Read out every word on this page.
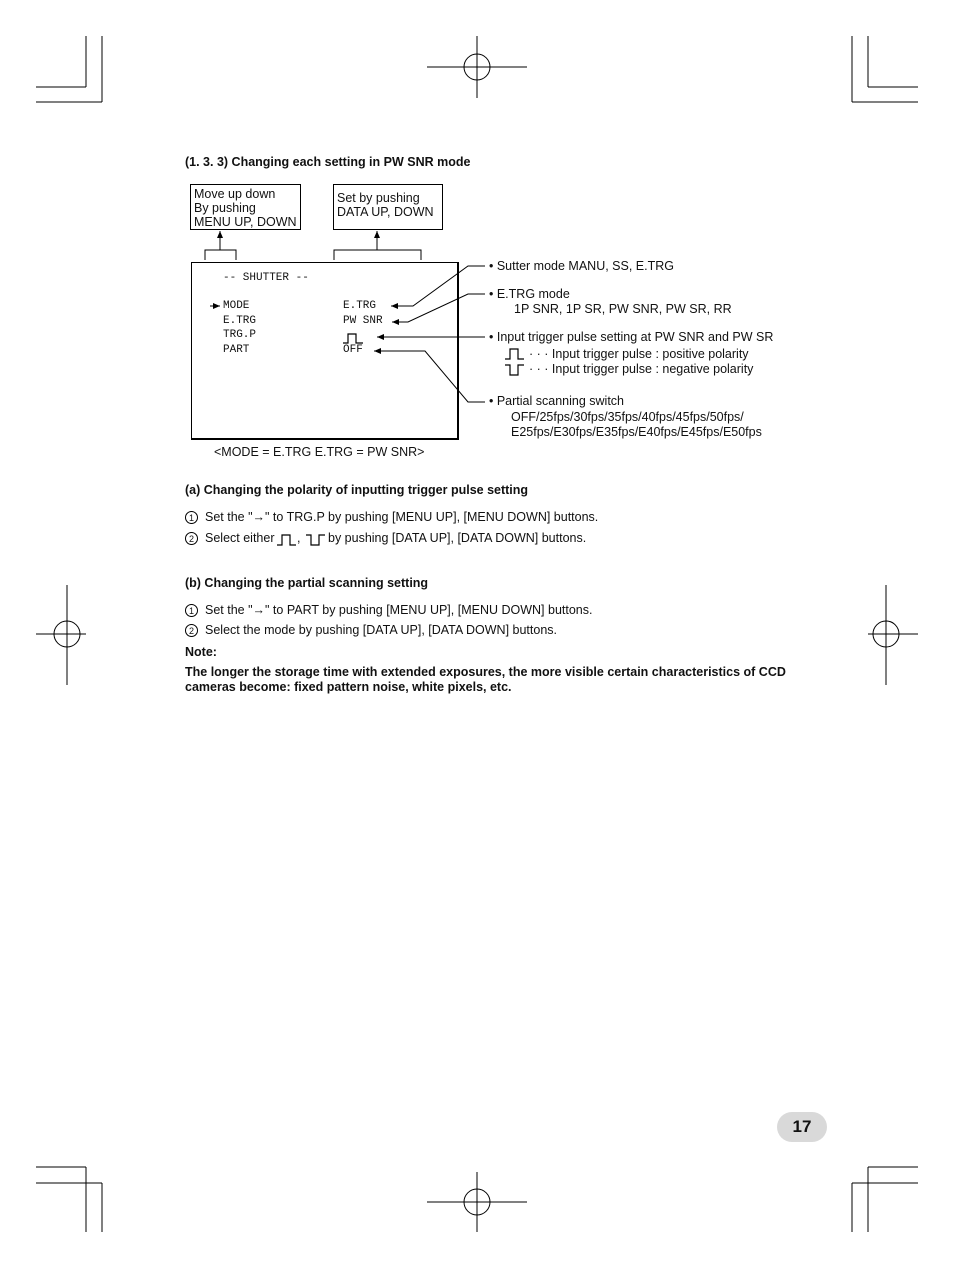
(1. 3. 3) Changing each setting in PW SNR mode
Move up down
By pushing
MENU UP, DOWN
Set by pushing
DATA UP, DOWN
-- SHUTTER --
MODE	E.TRG
E.TRG	PW SNR
TRG.P
PART	OFF
<MODE = E.TRG E.TRG = PW SNR>
• Sutter mode MANU, SS, E.TRG
• E.TRG mode
1P SNR, 1P SR, PW SNR, PW SR, RR
• Input trigger pulse setting at PW SNR and PW SR
· · · Input trigger pulse : positive polarity
· · · Input trigger pulse : negative polarity
• Partial scanning switch
OFF/25fps/30fps/35fps/40fps/45fps/50fps/
E25fps/E30fps/E35fps/E40fps/E45fps/E50fps
(a) Changing the polarity of inputting trigger pulse setting
1 Set the "→" to TRG.P by pushing [MENU UP], [MENU DOWN] buttons.
2 Select either , by pushing [DATA UP], [DATA DOWN] buttons.
(b) Changing the partial scanning setting
1 Set the "→" to PART by pushing [MENU UP], [MENU DOWN] buttons.
2 Select the mode by pushing [DATA UP], [DATA DOWN] buttons.
Note:
The longer the storage time with extended exposures, the more visible certain characteristics of CCD
cameras become: fixed pattern noise, white pixels, etc.
17
